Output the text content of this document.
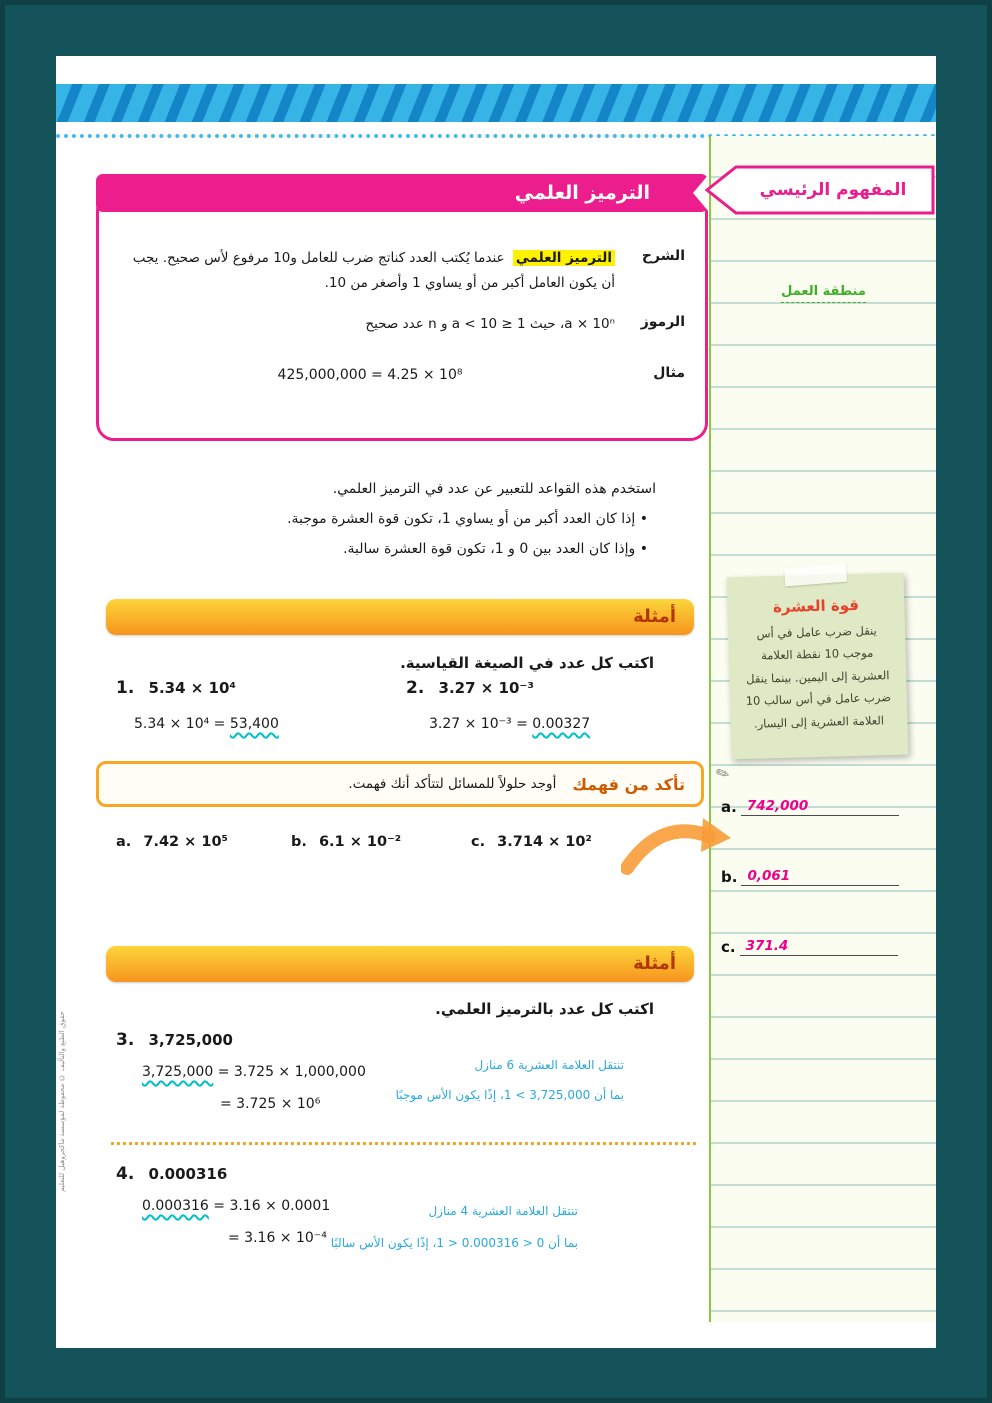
منطقة العمل
قوة العشرة
ينقل ضرب عامل في أس موجب 10 نقطة العلامة العشرية إلى اليمين. بينما ينقل ضرب عامل في أس سالب 10 العلامة العشرية إلى اليسار.
✎
a. 742,000
b. 0,061
c. 371.4
المفهوم الرئيسي
الترميز العلمي
الشرح
الترميز العلمي عندما يُكتب العدد كناتج ضرب للعامل و10 مرفوع لأس صحيح. يجب أن يكون العامل أكبر من أو يساوي 1 وأصغر من 10.
الرموز
a × 10ⁿ، حيث 1 ≤ a < 10 و n عدد صحيح
مثال
425,000,000 = 4.25 × 10⁸
استخدم هذه القواعد للتعبير عن عدد في الترميز العلمي.
• إذا كان العدد أكبر من أو يساوي 1، تكون قوة العشرة موجبة.
• وإذا كان العدد بين 0 و 1، تكون قوة العشرة سالبة.
أمثلة
اكتب كل عدد في الصيغة القياسية.
1. 5.34 × 10⁴	2. 3.27 × 10⁻³
5.34 × 10⁴ = 53,400	3.27 × 10⁻³ = 0.00327
تأكد من فهمك
أوجد حلولاً للمسائل لتتأكد أنك فهمت.
a. 7.42 × 10⁵	b. 6.1 × 10⁻²	c. 3.714 × 10²
أمثلة
اكتب كل عدد بالترميز العلمي.
3. 3,725,000
3,725,000 = 3.725 × 1,000,000
= 3.725 × 10⁶
تنتقل العلامة العشرية 6 منازل
بما أن 3,725,000 > 1، إذًا يكون الأس موجبًا
4. 0.000316
0.000316 = 3.16 × 0.0001
= 3.16 × 10⁻⁴
تنتقل العلامة العشرية 4 منازل
بما أن 0 < 0.000316 < 1، إذًا يكون الأس سالبًا
حقوق الطبع والتأليف © محفوظة لمؤسسة ماكجروهيل للتعليم
